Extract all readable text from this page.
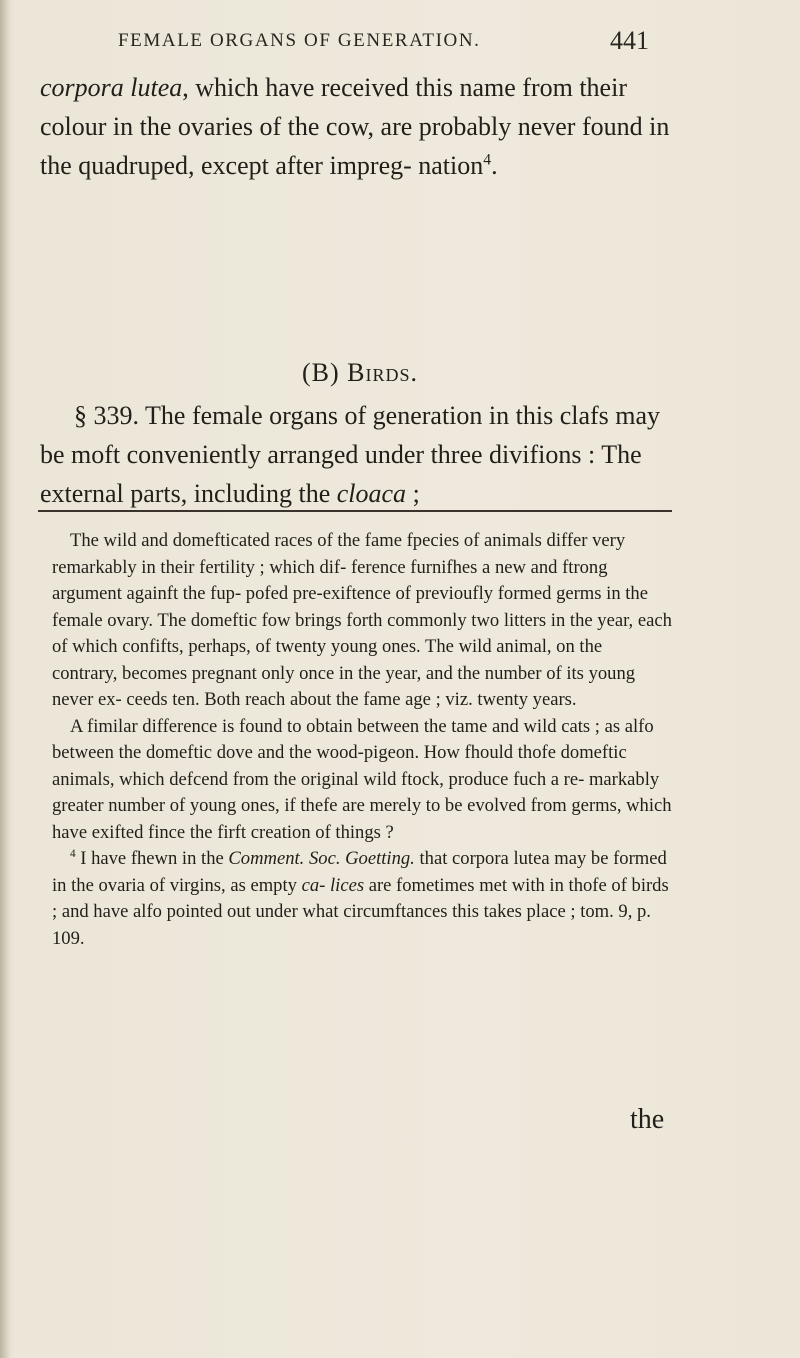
FEMALE ORGANS OF GENERATION.	441

corpora lutea, which have received this name from their colour in the ovaries of the cow, are probably never found in the quadruped, except after impreg- nation$^4$.

(B) Birds.

§ 339. The female organs of generation in this clafs may be moft conveniently arranged under three divifions : The external parts, including the cloaca ;

The wild and domefticated races of the fame fpecies of animals differ very remarkably in their fertility ; which dif- ference furnifhes a new and ftrong argument againft the fup- pofed pre-exiftence of previoufly formed germs in the female ovary. The domeftic fow brings forth commonly two litters in the year, each of which confifts, perhaps, of twenty young ones. The wild animal, on the contrary, becomes pregnant only once in the year, and the number of its young never ex- ceeds ten. Both reach about the fame age ; viz. twenty years.

A fimilar difference is found to obtain between the tame and wild cats ; as alfo between the domeftic dove and the wood-pigeon. How fhould thofe domeftic animals, which defcend from the original wild ftock, produce fuch a re- markably greater number of young ones, if thefe are merely to be evolved from germs, which have exifted fince the firft creation of things ?

$^4$ I have fhewn in the Comment. Soc. Goetting. that corpora lutea may be formed in the ovaria of virgins, as empty ca- lices are fometimes met with in thofe of birds ; and have alfo pointed out under what circumftances this takes place ; tom. 9, p. 109.

the
